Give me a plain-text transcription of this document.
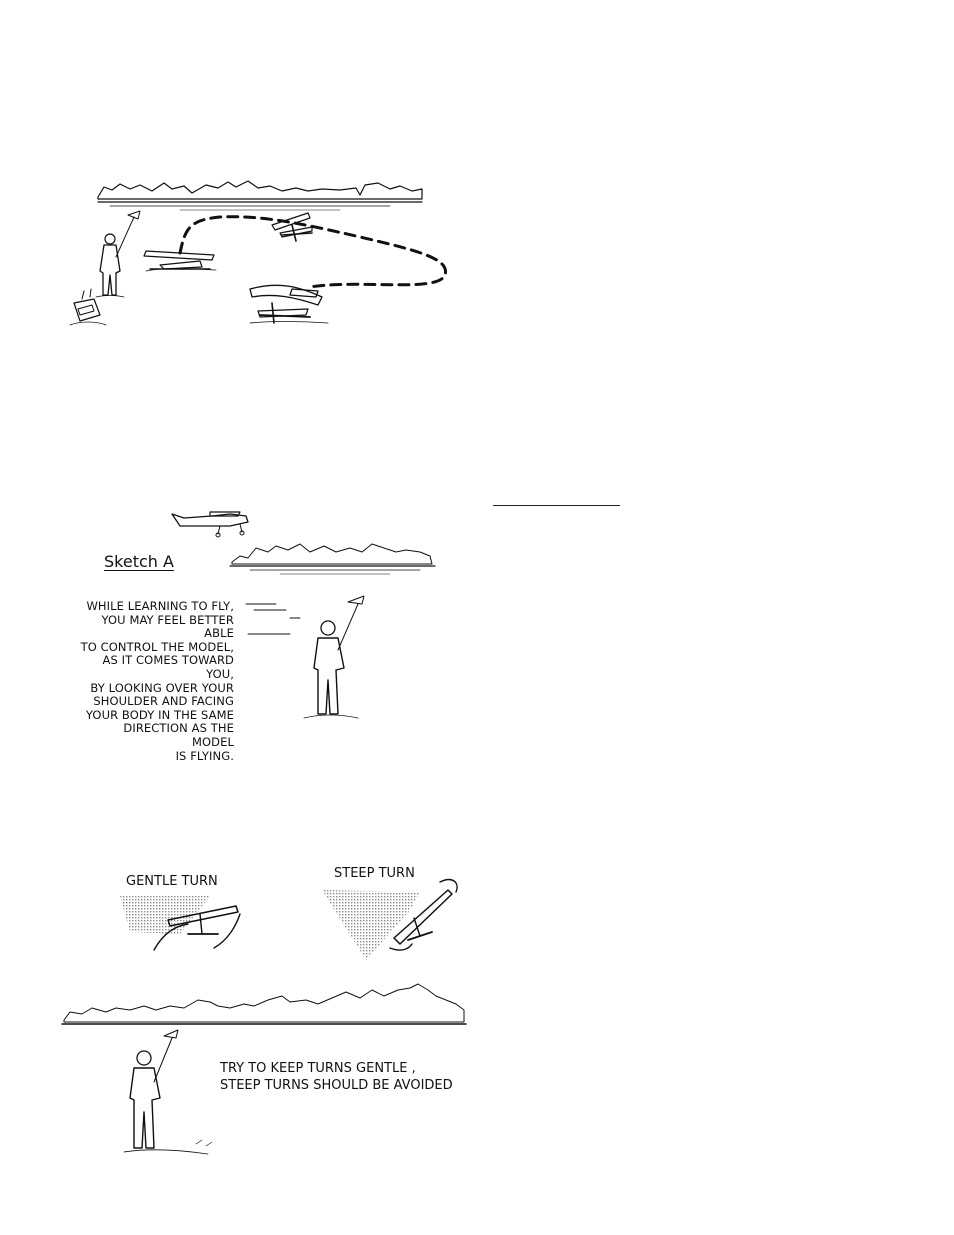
Sketch A
WHILE LEARNING TO FLY,
YOU MAY FEEL BETTER ABLE
TO CONTROL THE MODEL,
AS IT COMES TOWARD YOU,
BY LOOKING OVER YOUR
SHOULDER AND FACING
YOUR BODY IN THE SAME
DIRECTION AS THE MODEL
IS FLYING.
GENTLE TURN
STEEP TURN
TRY TO KEEP TURNS GENTLE ,
STEEP TURNS SHOULD BE AVOIDED
